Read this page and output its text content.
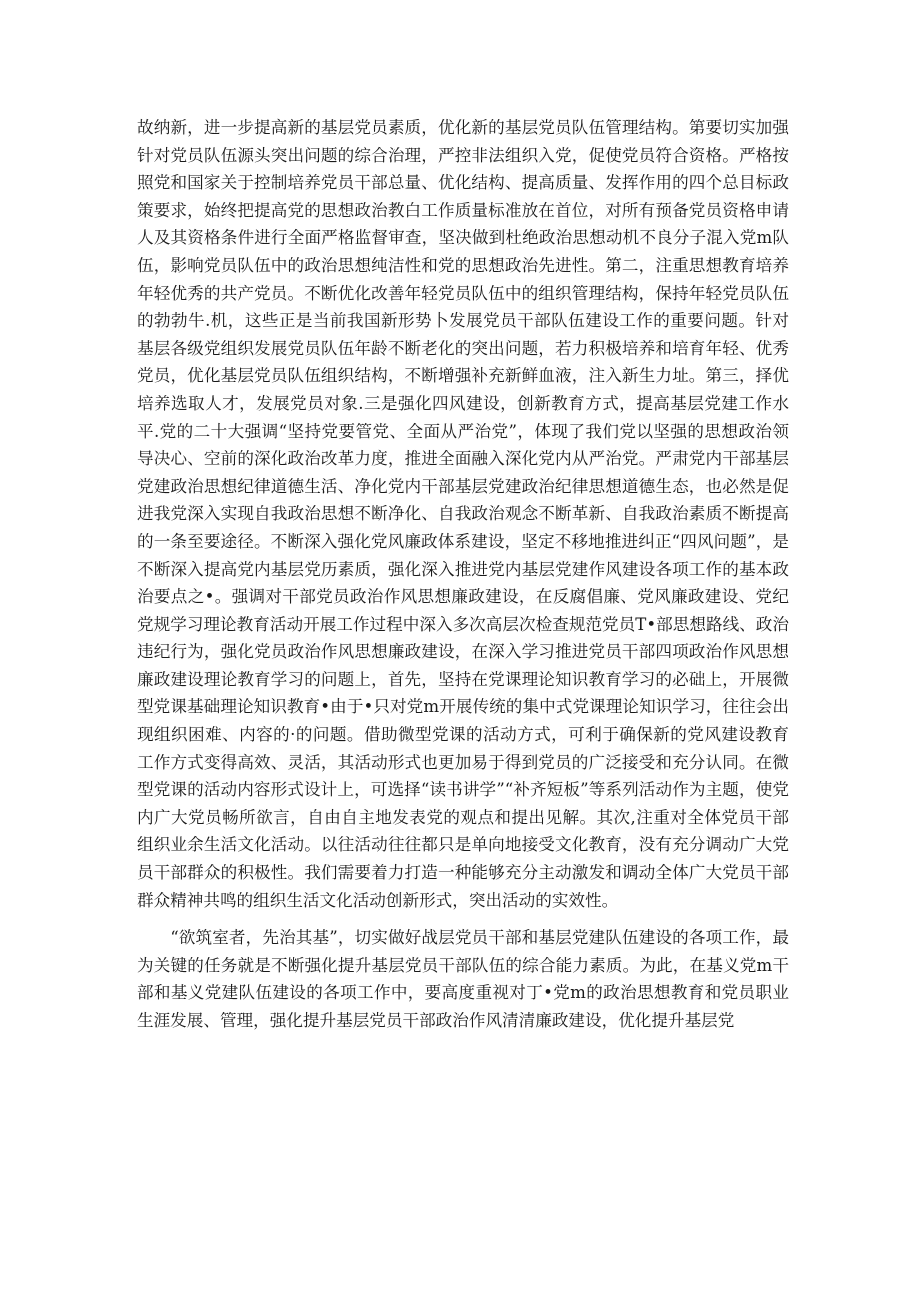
故纳新，进一步提高新的基层党员素质，优化新的基层党员队伍管理结构。第要切实加强针对党员队伍源头突出问题的综合治理，严控非法组织入党，促使党员符合资格。严格按照党和国家关于控制培养党员干部总量、优化结构、提高质量、发挥作用的四个总目标政策要求，始终把提高党的思想政治教白工作质量标准放在首位，对所有预备党员资格申请人及其资格条件进行全面严格监督审查，坚决做到杜绝政治思想动机不良分子混入党m队伍，影响党员队伍中的政治思想纯洁性和党的思想政治先进性。第二，注重思想教育培养年轻优秀的共产党员。不断优化改善年轻党员队伍中的组织管理结构，保持年轻党员队伍的勃勃牛.机，这些正是当前我国新形势卜发展党员干部队伍建设工作的重要问题。针对基层各级党组织发展党员队伍年龄不断老化的突出问题，若力积极培养和培育年轻、优秀党员，优化基层党员队伍组织结构，不断增强补充新鲜血液，注入新生力址。第三，择优培养选取人才，发展党员对象.三是强化四风建设，创新教育方式，提高基层党建工作水平.党的二十大强调“坚持党要管党、全面从严治党”，体现了我们党以坚强的思想政治领导决心、空前的深化政治改革力度，推进全面融入深化党内从严治党。严肃党内干部基层党建政治思想纪律道德生活、净化党内干部基层党建政治纪律思想道德生态，也必然是促进我党深入实现自我政治思想不断净化、自我政治观念不断革新、自我政治素质不断提高的一条至要途径。不断深入强化党风廉政体系建设，坚定不移地推进纠正“四风问题”，是不断深入提高党内基层党历素质，强化深入推进党内基层党建作风建设各项工作的基本政治要点之•。强调对干部党员政治作风思想廉政建设，在反腐倡廉、党风廉政建设、党纪党规学习理论教育活动开展工作过程中深入多次高层次检查规范党员T•部思想路线、政治违纪行为，强化党员政治作风思想廉政建设，在深入学习推进党员干部四项政治作风思想廉政建设理论教育学习的问题上，首先，坚持在党课理论知识教育学习的必础上，开展微型党课基础理论知识教育•由于•只对党m开展传统的集中式党课理论知识学习，往往会出现组织困难、内容的·的问题。借助微型党课的活动方式，可利于确保新的党风建设教育工作方式变得高效、灵活，其活动形式也更加易于得到党员的广泛接受和充分认同。在微型党课的活动内容形式设计上，可选择“读书讲学”“补齐短板”等系列活动作为主题，使党内广大党员畅所欲言，自由自主地发表党的观点和提出见解。其次,注重对全体党员干部组织业余生活文化活动。以往活动往往都只是单向地接受文化教育，没有充分调动广大党员干部群众的积极性。我们需要着力打造一种能够充分主动激发和调动全体广大党员干部群众精神共鸣的组织生活文化活动创新形式，突出活动的实效性。

“欲筑室者，先治其基”，切实做好战层党员干部和基层党建队伍建设的各项工作，最为关键的任务就是不断强化提升基层党员干部队伍的综合能力素质。为此，在基义党m干部和基义党建队伍建设的各项工作中，要高度重视对丁•党m的政治思想教育和党员职业生涯发展、管理，强化提升基层党员干部政治作风清清廉政建设，优化提升基层党
